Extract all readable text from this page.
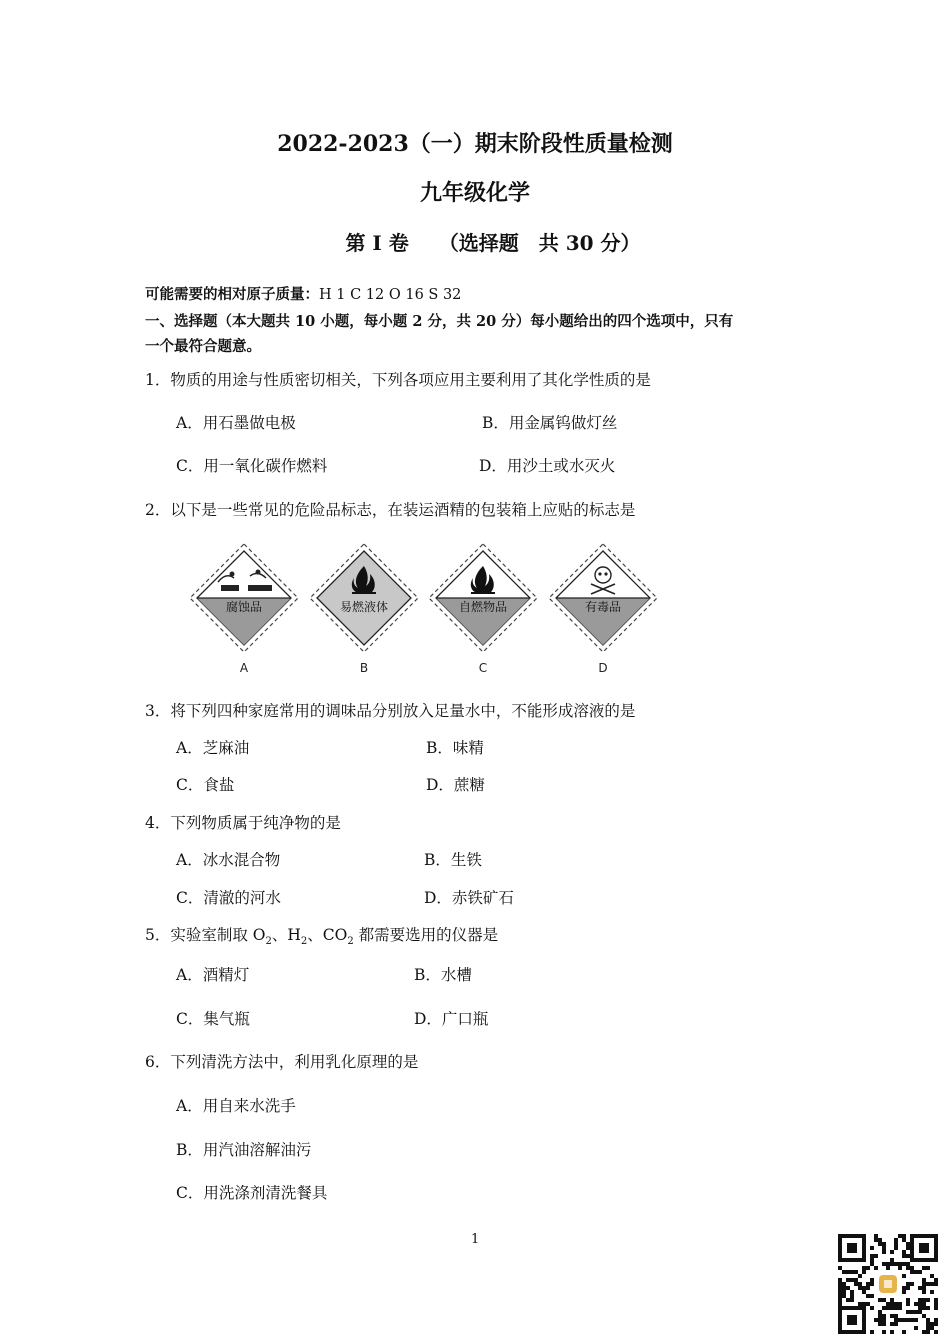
2022-2023（一）期末阶段性质量检测
九年级化学
第 I 卷　　（选择题　共 30 分）
可能需要的相对原子质量：H 1 C 12 O 16 S 32
一、选择题（本大题共 10 小题，每小题 2 分，共 20 分）每小题给出的四个选项中，只有
一个最符合题意。
1．物质的用途与性质密切相关，下列各项应用主要利用了其化学性质的是
A．用石墨做电极	B．用金属钨做灯丝
C．用一氧化碳作燃料	D．用沙土或水灭火
2．以下是一些常见的危险品标志，在装运酒精的包装箱上应贴的标志是
腐蚀品
A
易燃液体
B
自燃物品
C
有毒品
D
3．将下列四种家庭常用的调味品分别放入足量水中，不能形成溶液的是
A．芝麻油	B．味精
C．食盐	D．蔗糖
4．下列物质属于纯净物的是
A．冰水混合物	B．生铁
C．清澈的河水	D．赤铁矿石
5．实验室制取 $O_2$、$H_2$、$CO_2$ 都需要选用的仪器是
A．酒精灯	B．水槽
C．集气瓶	D．广口瓶
6．下列清洗方法中，利用乳化原理的是
A．用自来水洗手
B．用汽油溶解油污
C．用洗涤剂清洗餐具
1
